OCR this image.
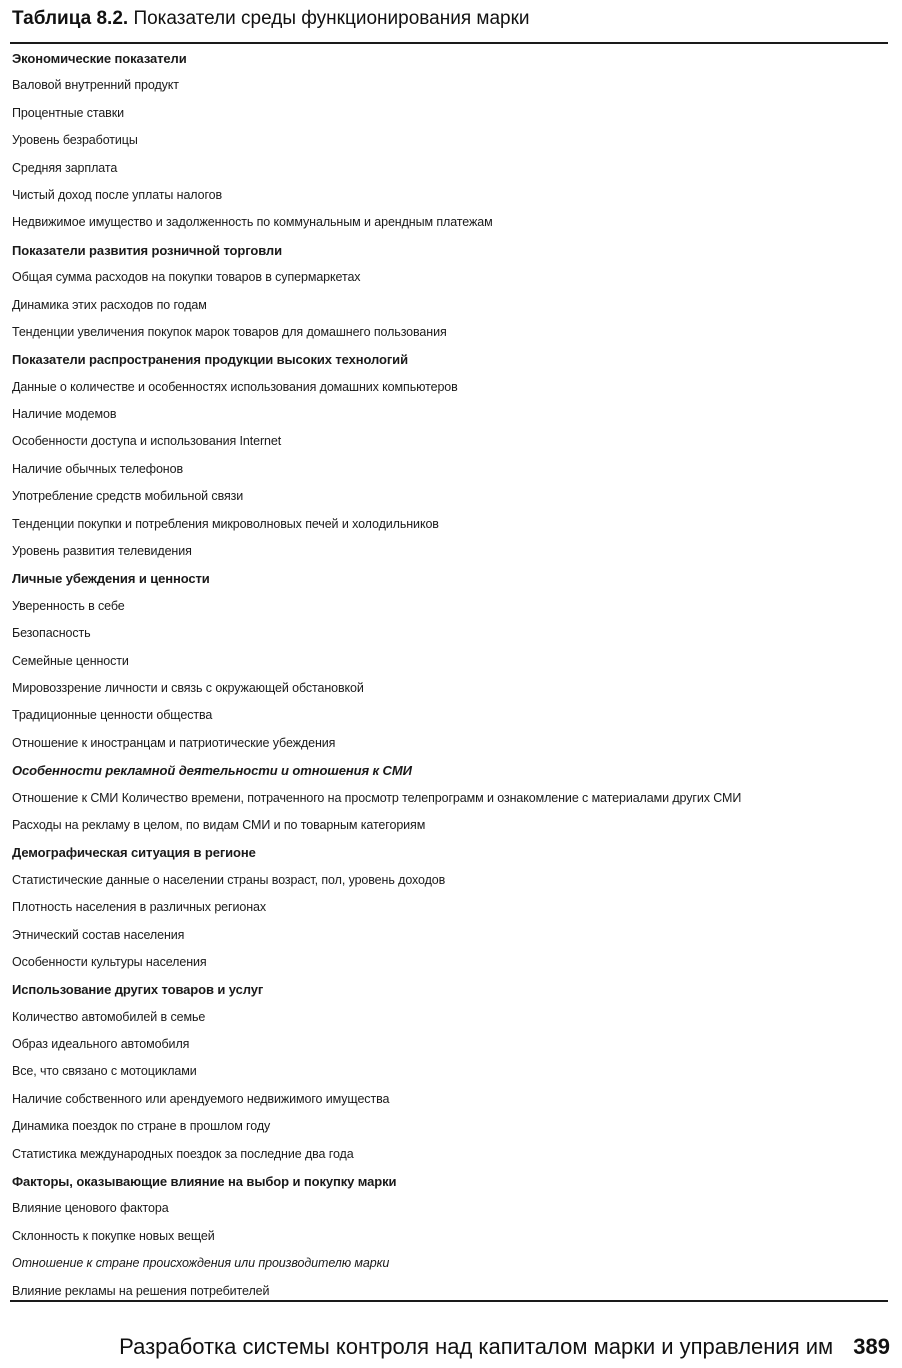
Таблица 8.2. Показатели среды функционирования марки
Экономические показатели
Валовой внутренний продукт
Процентные ставки
Уровень безработицы
Средняя зарплата
Чистый доход после уплаты налогов
Недвижимое имущество и задолженность по коммунальным и арендным платежам
Показатели развития розничной торговли
Общая сумма расходов на покупки товаров в супермаркетах
Динамика этих расходов по годам
Тенденции увеличения покупок марок товаров для домашнего пользования
Показатели распространения продукции высоких технологий
Данные о количестве и особенностях использования домашних компьютеров
Наличие модемов
Особенности доступа и использования Internet
Наличие обычных телефонов
Употребление средств мобильной связи
Тенденции покупки и потребления микроволновых печей и холодильников
Уровень развития телевидения
Личные убеждения и ценности
Уверенность в себе
Безопасность
Семейные ценности
Мировоззрение личности и связь с окружающей обстановкой
Традиционные ценности общества
Отношение к иностранцам и патриотические убеждения
Особенности рекламной деятельности и отношения к СМИ
Отношение к СМИ Количество времени, потраченного на просмотр телепрограмм и ознакомление с материалами других СМИ
Расходы на рекламу в целом, по видам СМИ и по товарным категориям
Демографическая ситуация в регионе
Статистические данные о населении страны возраст, пол, уровень доходов
Плотность населения в различных регионах
Этнический состав населения
Особенности культуры населения
Использование других товаров и услуг
Количество автомобилей в семье
Образ идеального автомобиля
Все, что связано с мотоциклами
Наличие собственного или арендуемого недвижимого имущества
Динамика поездок по стране в прошлом году
Статистика международных поездок за последние два года
Факторы, оказывающие влияние на выбор и покупку марки
Влияние ценового фактора
Склонность к покупке новых вещей
Отношение к стране происхождения или производителю марки
Влияние рекламы на решения потребителей
Разработка системы контроля над капиталом марки и управления им 389
